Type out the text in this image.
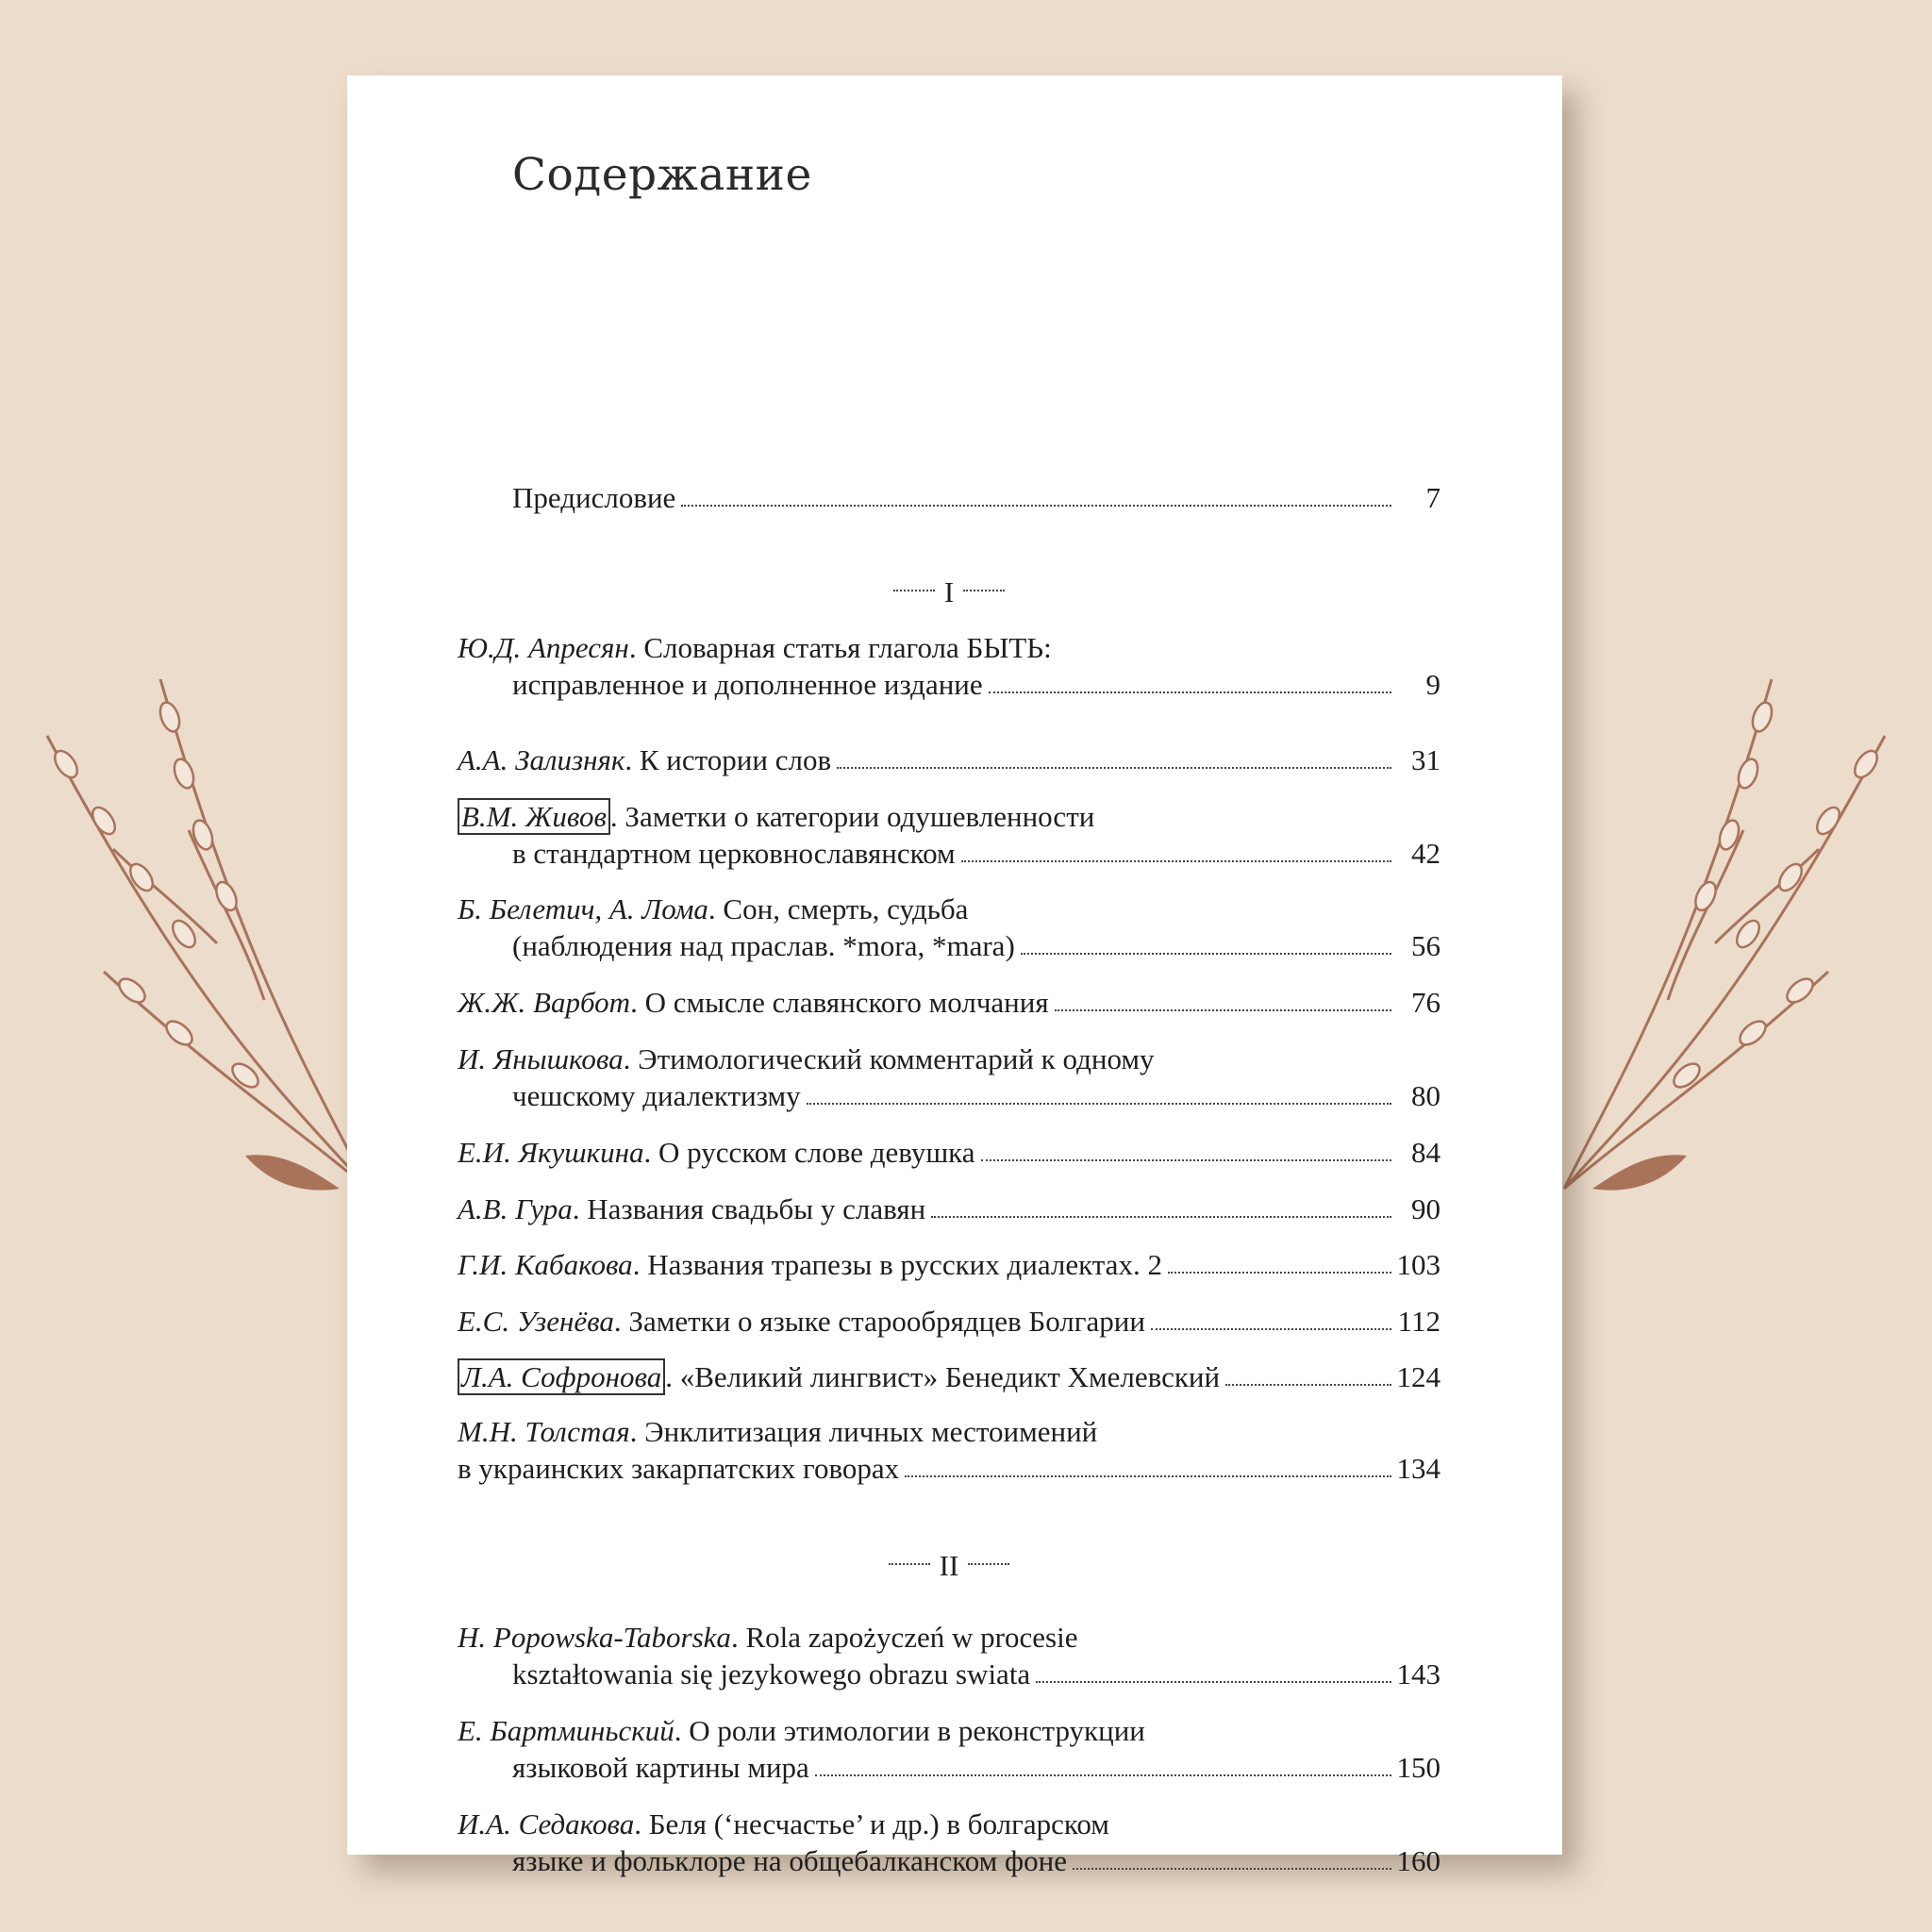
Содержание
Предисловие	7
I
Ю.Д. Апресян. Словарная статья глагола БЫТЬ:
исправленное и дополненное издание	9
А.А. Зализняк. К истории слов	31
В.М. Живов . Заметки о категории одушевленности
в стандартном церковнославянском	42
Б. Белетич, А. Лома. Сон, смерть, судьба
(наблюдения над праслав. *mora, *mara)	56
Ж.Ж. Варбот. О смысле славянского молчания	76
И. Янышкова. Этимологический комментарий к одному
чешскому диалектизму	80
Е.И. Якушкина. О русском слове девушка	84
А.В. Гура. Названия свадьбы у славян	90
Г.И. Кабакова. Названия трапезы в русских диалектах. 2	103
Е.С. Узенёва. Заметки о языке старообрядцев Болгарии	112
Л.А. Софронова . «Великий лингвист» Бенедикт Хмелевский	124
М.Н. Толстая. Энклитизация личных местоимений
в украинских закарпатских говорах	134
II
H. Popowska-Taborska. Rola zapożyczeń w procesie
kształtowania się jezykowego obrazu swiata	143
Е. Бартминьский. О роли этимологии в реконструкции
языковой картины мира	150
И.А. Седакова. Беля (‘несчастье’ и др.) в болгарском
языке и фольклоре на общебалканском фоне	160
